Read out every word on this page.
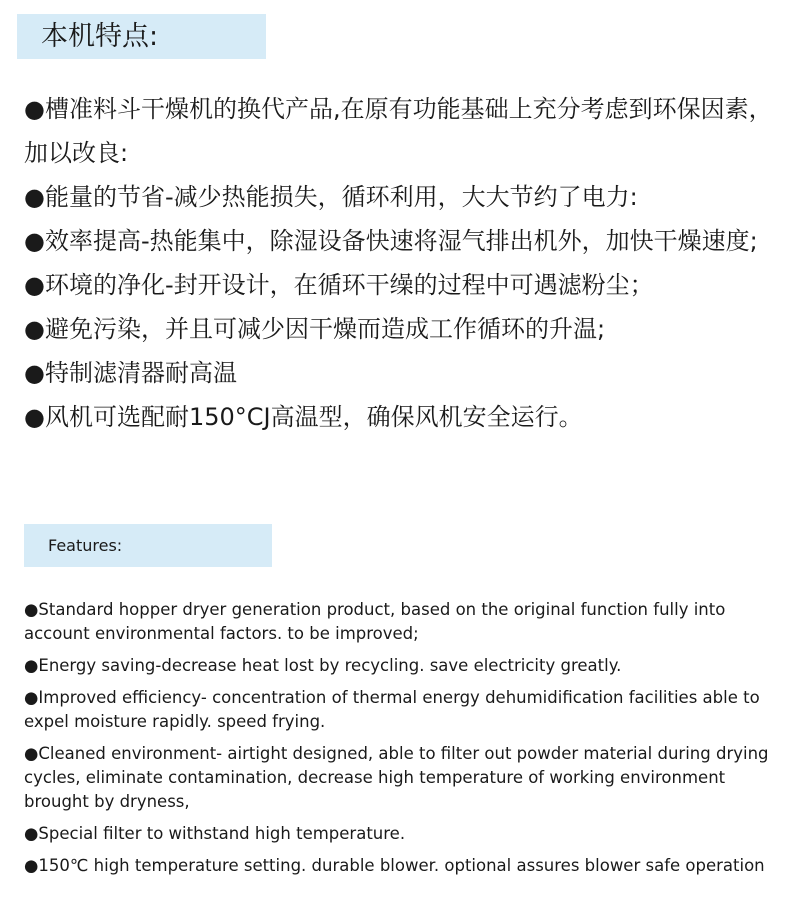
本机特点:

●槽准料斗干燥机的换代产品,在原有功能基础上充分考虑到环保因素，加以改良:

●能量的节省-减少热能损失，循环利用，大大节约了电力:

●效率提高-热能集中，除湿设备快速将湿气排出机外，加快干燥速度;

●环境的净化-封开设计，在循环干缲的过程中可遇滤粉尘；

●避免污染，并且可减少因干燥而造成工作循环的升温;

●特制滤清器耐高温

●风机可选配耐150°CJ高温型，确保风机安全运行。

Features:

●Standard hopper dryer generation product, based on the original function fully into account environmental factors. to be improved;

●Energy saving-decrease heat lost by recycling. save electricity greatly.

●Improved efficiency- concentration of thermal energy dehumidification facilities able to expel moisture rapidly. speed frying.

●Cleaned environment- airtight designed, able to filter out powder material during drying cycles, eliminate contamination, decrease high temperature of working environment brought by dryness,

●Special filter to withstand high temperature.

●150℃ high temperature setting. durable blower. optional assures blower safe operation
